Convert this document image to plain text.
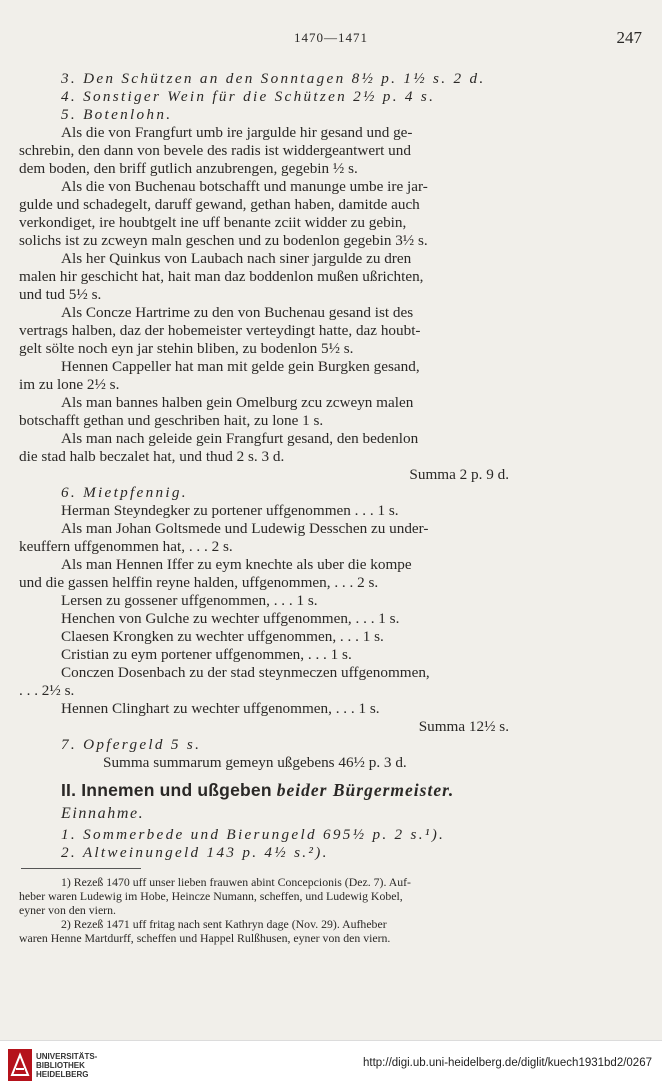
1470—1471	247
3. Den Schützen an den Sonntagen 8½ p. 1½ s. 2 d.
4. Sonstiger Wein für die Schützen 2½ p. 4 s.
5. Botenlohn.
Als die von Frangfurt umb ire jargulde hir gesand und ge-
schrebin, den dann von bevele des radis ist widdergeantwert und
dem boden, den briff gutlich anzubrengen, gegebin ½ s.
Als die von Buchenau botschafft und manunge umbe ire jar-
gulde und schadegelt, daruff gewand, gethan haben, damitde auch
verkondiget, ire houbtgelt ine uff benante zciit widder zu gebin,
solichs ist zu zcweyn maln geschen und zu bodenlon gegebin 3½ s.
Als her Quinkus von Laubach nach siner jargulde zu dren
malen hir geschicht hat, hait man daz boddenlon mußen ußrichten,
und tud 5½ s.
Als Concze Hartrime zu den von Buchenau gesand ist des
vertrags halben, daz der hobemeister verteydingt hatte, daz houbt-
gelt sölte noch eyn jar stehin bliben, zu bodenlon 5½ s.
Hennen Cappeller hat man mit gelde gein Burgken gesand,
im zu lone 2½ s.
Als man bannes halben gein Omelburg zcu zcweyn malen
botschafft gethan und geschriben hait, zu lone 1 s.
Als man nach geleide gein Frangfurt gesand, den bedenlon
die stad halb beczalet hat, und thud 2 s. 3 d.
Summa 2 p. 9 d.
6. Mietpfennig.
Herman Steyndegker zu portener uffgenommen . . . 1 s.
Als man Johan Goltsmede und Ludewig Desschen zu under-
keuffern uffgenommen hat, . . . 2 s.
Als man Hennen Iffer zu eym knechte als uber die kompe
und die gassen helffin reyne halden, uffgenommen, . . . 2 s.
Lersen zu gossener uffgenommen, . . . 1 s.
Henchen von Gulche zu wechter uffgenommen, . . . 1 s.
Claesen Krongken zu wechter uffgenommen, . . . 1 s.
Cristian zu eym portener uffgenommen, . . . 1 s.
Conczen Dosenbach zu der stad steynmeczen uffgenommen,
. . . 2½ s.
Hennen Clinghart zu wechter uffgenommen, . . . 1 s.
Summa 12½ s.
7. Opfergeld 5 s.
Summa summarum gemeyn ußgebens 46½ p. 3 d.
II. Innemen und ußgeben beider Bürgermeister.
Einnahme.
1. Sommerbede und Bierungeld 695½ p. 2 s.¹).
2. Altweinungeld 143 p. 4½ s.²).
1) Rezeß 1470 uff unser lieben frauwen abint Concepcionis (Dez. 7). Auf-
heber waren Ludewig im Hobe, Heincze Numann, scheffen, und Ludewig Kobel,
eyner von den viern.
2) Rezeß 1471 uff fritag nach sent Kathryn dage (Nov. 29). Aufheber
waren Henne Martdurff, scheffen und Happel Rulßhusen, eyner von den viern.
UNIVERSITÄTS-
BIBLIOTHEK
HEIDELBERG
http://digi.ub.uni-heidelberg.de/diglit/kuech1931bd2/0267
